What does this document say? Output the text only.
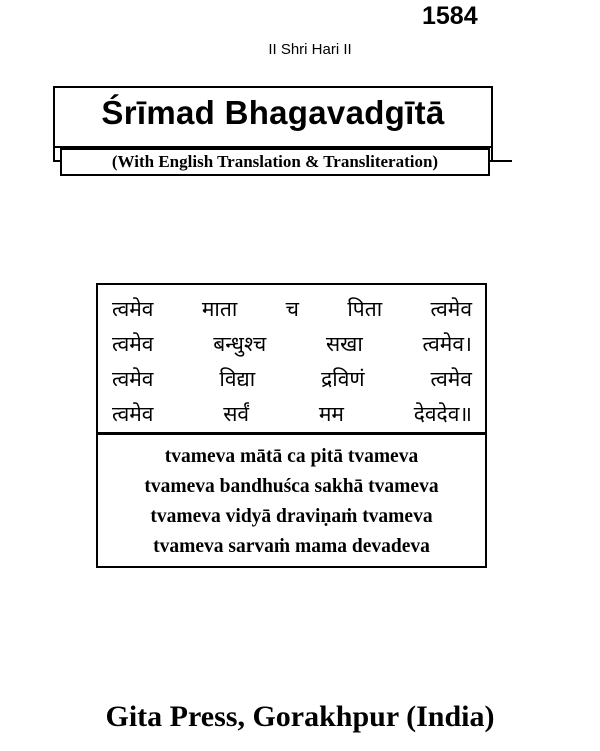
1584
II Shri Hari II
Śrīmad Bhagavadgītā
(With English Translation & Transliteration)
त्वमेव माता च पिता त्वमेव
त्वमेव	बन्धुश्च	सखा	त्वमेव।
त्वमेव	विद्या	द्रविणं	त्वमेव
त्वमेव	सर्वं	मम	देवदेव॥
tvameva mātā ca pitā tvameva
tvameva bandhuśca sakhā tvameva
tvameva vidyā draviṇaṁ tvameva
tvameva sarvaṁ mama devadeva
Gita Press, Gorakhpur (India)
